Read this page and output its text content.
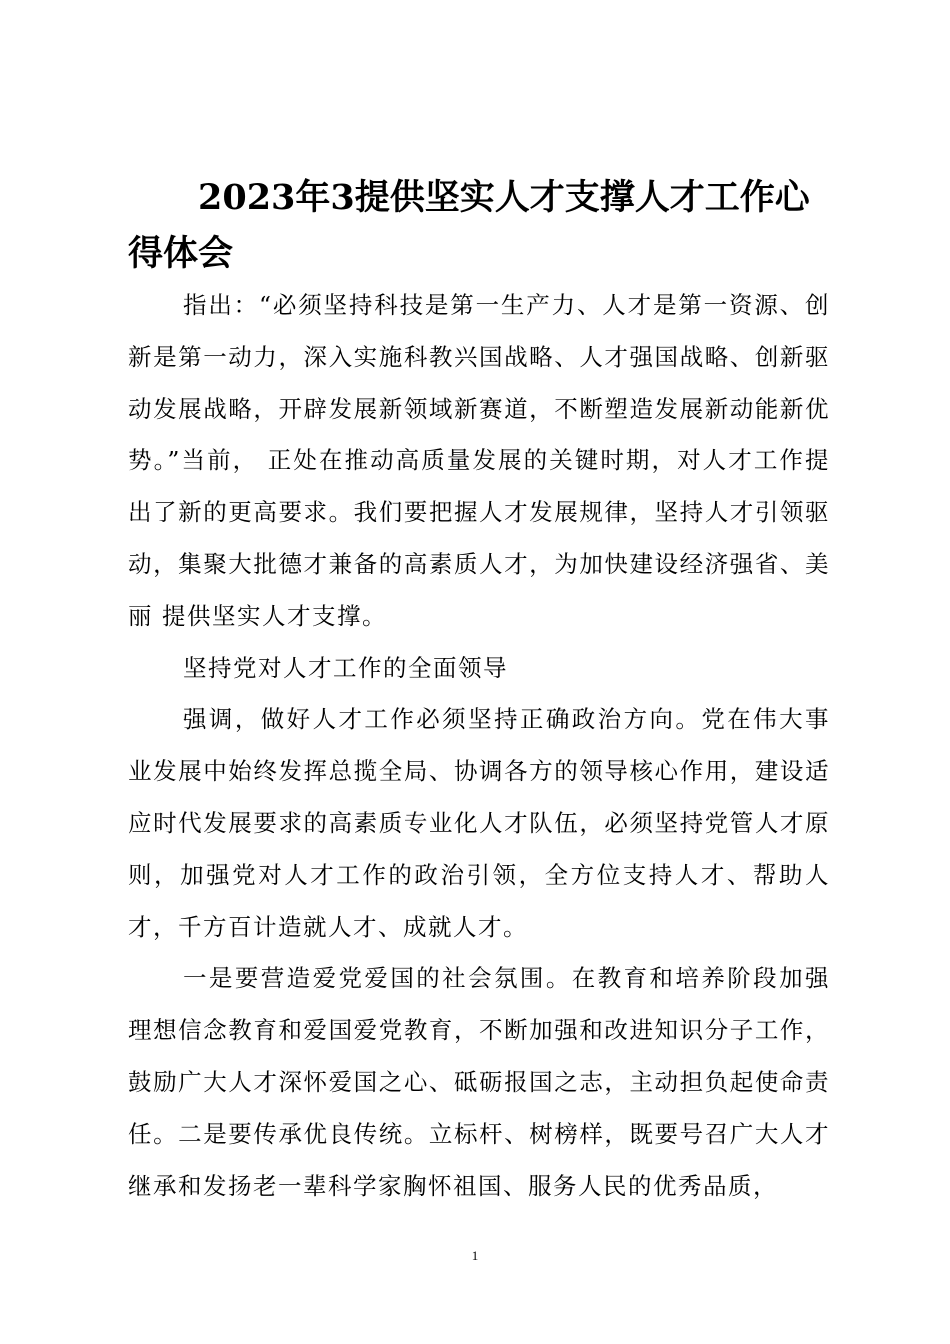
2023年3提供坚实人才支撑人才工作心得体会

指出：“必须坚持科技是第一生产力、人才是第一资源、创新是第一动力，深入实施科教兴国战略、人才强国战略、创新驱动发展战略，开辟发展新领域新赛道，不断塑造发展新动能新优势。”当前， 正处在推动高质量发展的关键时期，对人才工作提出了新的更高要求。我们要把握人才发展规律，坚持人才引领驱动，集聚大批德才兼备的高素质人才，为加快建设经济强省、美丽 提供坚实人才支撑。

坚持党对人才工作的全面领导

强调，做好人才工作必须坚持正确政治方向。党在伟大事业发展中始终发挥总揽全局、协调各方的领导核心作用，建设适应时代发展要求的高素质专业化人才队伍，必须坚持党管人才原则，加强党对人才工作的政治引领，全方位支持人才、帮助人才，千方百计造就人才、成就人才。

一是要营造爱党爱国的社会氛围。在教育和培养阶段加强理想信念教育和爱国爱党教育，不断加强和改进知识分子工作，鼓励广大人才深怀爱国之心、砥砺报国之志，主动担负起使命责任。二是要传承优良传统。立标杆、树榜样，既要号召广大人才继承和发扬老一辈科学家胸怀祖国、服务人民的优秀品质，

1
